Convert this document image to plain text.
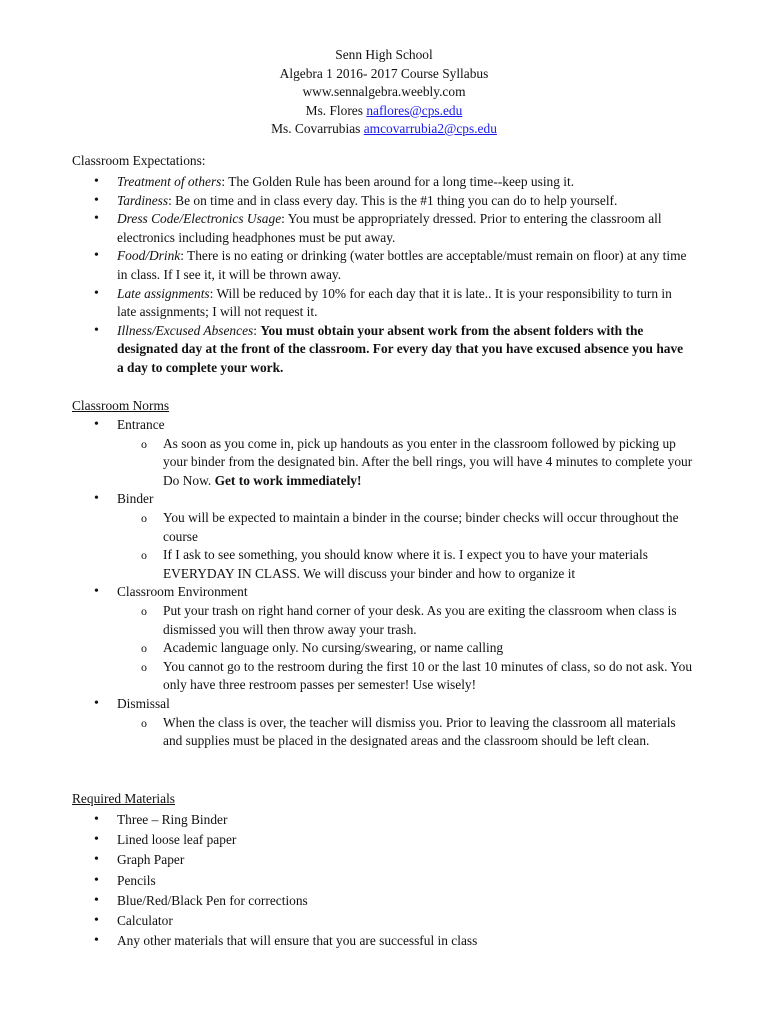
Senn High School
Algebra 1 2016- 2017 Course Syllabus
www.sennalgebra.weebly.com
Ms. Flores naflores@cps.edu
Ms. Covarrubias amcovarrubia2@cps.edu
Classroom Expectations:
• Treatment of others: The Golden Rule has been around for a long time--keep using it.
• Tardiness: Be on time and in class every day. This is the #1 thing you can do to help yourself.
• Dress Code/Electronics Usage: You must be appropriately dressed. Prior to entering the classroom all electronics including headphones must be put away.
• Food/Drink: There is no eating or drinking (water bottles are acceptable/must remain on floor) at any time in class. If I see it, it will be thrown away.
• Late assignments: Will be reduced by 10% for each day that it is late.. It is your responsibility to turn in late assignments; I will not request it.
• Illness/Excused Absences: You must obtain your absent work from the absent folders with the designated day at the front of the classroom. For every day that you have excused absence you have a day to complete your work.
Classroom Norms
• Entrance
o As soon as you come in, pick up handouts as you enter in the classroom followed by picking up your binder from the designated bin. After the bell rings, you will have 4 minutes to complete your Do Now. Get to work immediately!
• Binder
o You will be expected to maintain a binder in the course; binder checks will occur throughout the course
o If I ask to see something, you should know where it is. I expect you to have your materials EVERYDAY IN CLASS. We will discuss your binder and how to organize it
• Classroom Environment
o Put your trash on right hand corner of your desk. As you are exiting the classroom when class is dismissed you will then throw away your trash.
o Academic language only. No cursing/swearing, or name calling
o You cannot go to the restroom during the first 10 or the last 10 minutes of class, so do not ask. You only have three restroom passes per semester! Use wisely!
• Dismissal
o When the class is over, the teacher will dismiss you. Prior to leaving the classroom all materials and supplies must be placed in the designated areas and the classroom should be left clean.
Required Materials
• Three – Ring Binder
• Lined loose leaf paper
• Graph Paper
• Pencils
• Blue/Red/Black Pen for corrections
• Calculator
• Any other materials that will ensure that you are successful in class
